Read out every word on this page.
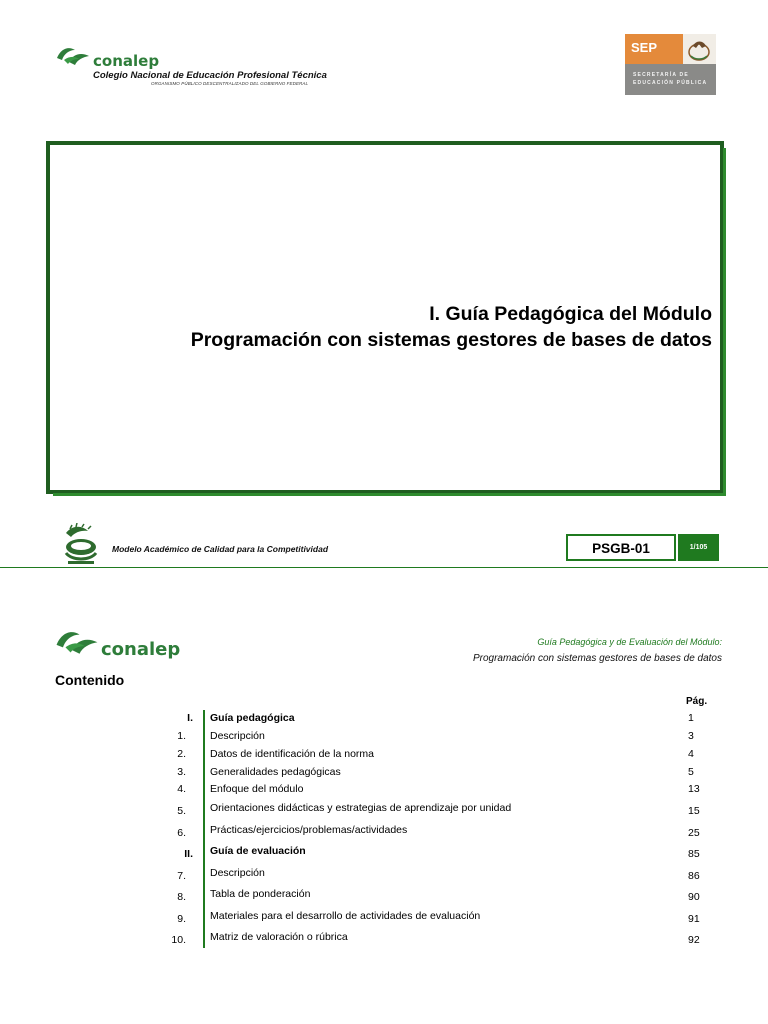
conalep
Colegio Nacional de Educación Profesional Técnica
ORGANISMO PÚBLICO DESCENTRALIZADO DEL GOBIERNO FEDERAL
SEP
SECRETARÍA DE
EDUCACIÓN PÚBLICA
I. Guía Pedagógica del Módulo
Programación con sistemas gestores de bases de datos
Modelo Académico de Calidad para la Competitividad	PSGB-01	1/105
conalep	Guía Pedagógica y de Evaluación del Módulo:
Programación con sistemas gestores de bases de datos
Contenido
Pág.
I. Guía pedagógica	1
1. Descripción	3
2. Datos de identificación de la norma	4
3. Generalidades pedagógicas	5
4. Enfoque del módulo	13
5. Orientaciones didácticas y estrategias de aprendizaje por unidad	15
6. Prácticas/ejercicios/problemas/actividades	25
II. Guía de evaluación	85
7. Descripción	86
8. Tabla de ponderación	90
9. Materiales para el desarrollo de actividades de evaluación	91
10. Matriz de valoración o rúbrica	92
